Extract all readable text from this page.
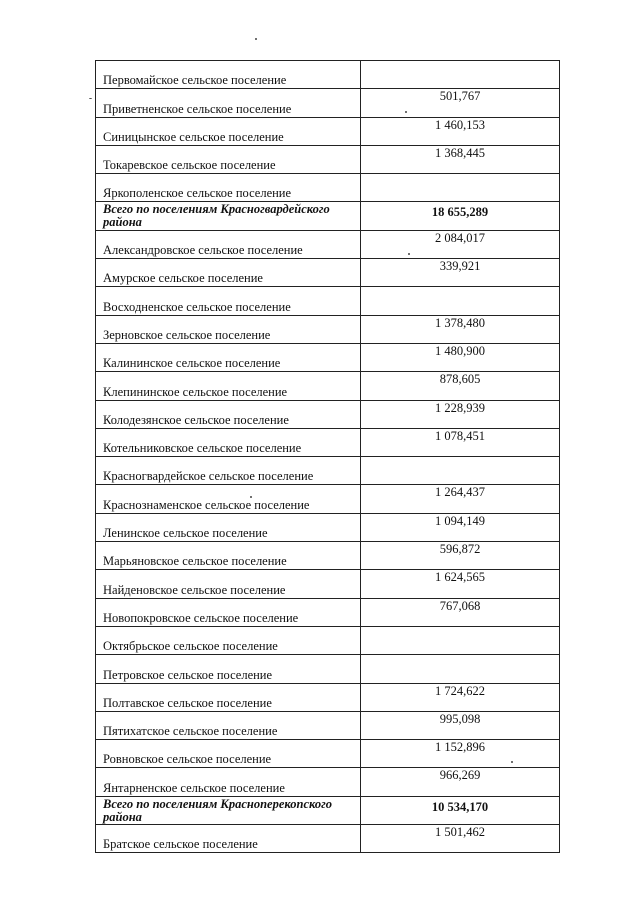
Первомайское сельское поселение	

Приветненское сельское поселение	501,767

Синицынское сельское поселение	1 460,153

Токаревское сельское поселение	1 368,445

Яркополенское сельское поселение	

Всего по поселениям Красногвардейского района	18 655,289

Александровское сельское поселение	2 084,017

Амурское сельское поселение	339,921

Восходненское сельское поселение	

Зерновское сельское поселение	1 378,480

Калининское сельское поселение	1 480,900

Клепининское сельское поселение	878,605

Колодезянское сельское поселение	1 228,939

Котельниковское сельское поселение	1 078,451

Красногвардейское сельское поселение	

Краснознаменское сельское поселение	1 264,437

Ленинское сельское поселение	1 094,149

Марьяновское сельское поселение	596,872

Найденовское сельское поселение	1 624,565

Новопокровское сельское поселение	767,068

Октябрьское сельское поселение	

Петровское сельское поселение	

Полтавское сельское поселение	1 724,622

Пятихатское сельское поселение	995,098

Ровновское сельское поселение	1 152,896

Янтарненское сельское поселение	966,269

Всего по поселениям Красноперекопского района	10 534,170

Братское сельское поселение	1 501,462
